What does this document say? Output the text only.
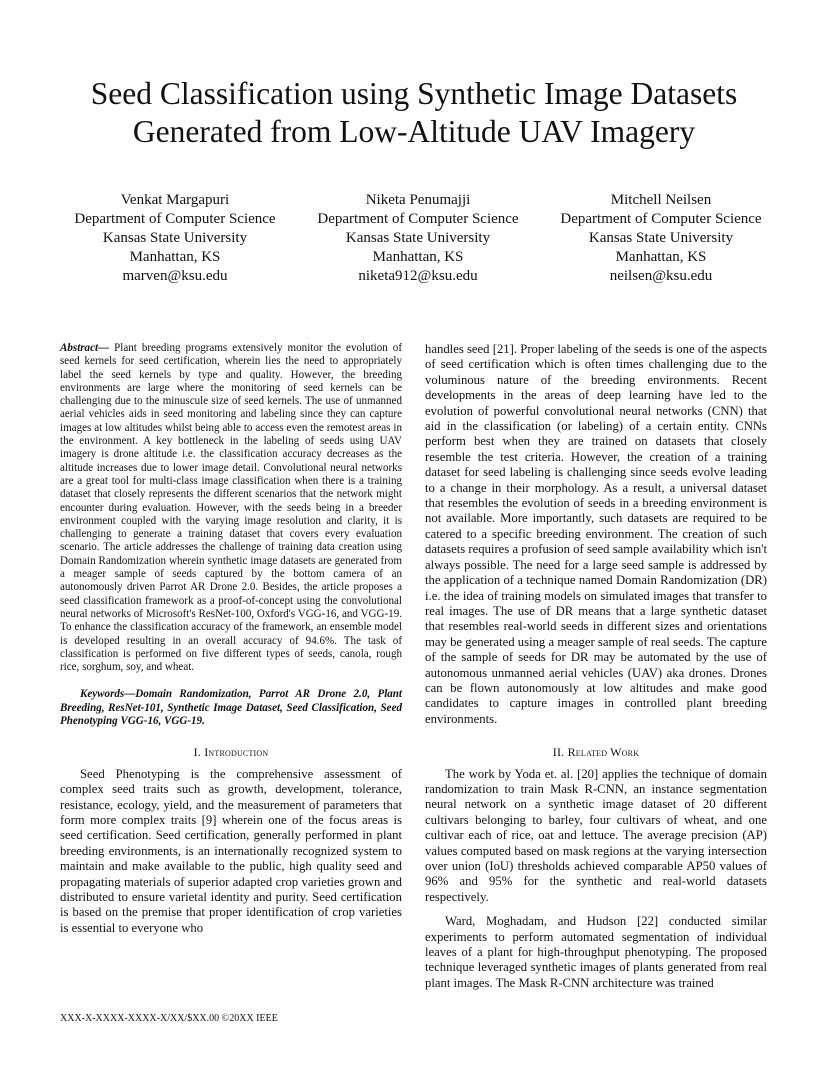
Seed Classification using Synthetic Image Datasets
Generated from Low-Altitude UAV Imagery
Venkat Margapuri
Department of Computer Science
Kansas State University
Manhattan, KS
marven@ksu.edu
Niketa Penumajji
Department of Computer Science
Kansas State University
Manhattan, KS
niketa912@ksu.edu
Mitchell Neilsen
Department of Computer Science
Kansas State University
Manhattan, KS
neilsen@ksu.edu

Abstract— Plant breeding programs extensively monitor the evolution of seed kernels for seed certification, wherein lies the need to appropriately label the seed kernels by type and quality. However, the breeding environments are large where the monitoring of seed kernels can be challenging due to the minuscule size of seed kernels. The use of unmanned aerial vehicles aids in seed monitoring and labeling since they can capture images at low altitudes whilst being able to access even the remotest areas in the environment. A key bottleneck in the labeling of seeds using UAV imagery is drone altitude i.e. the classification accuracy decreases as the altitude increases due to lower image detail. Convolutional neural networks are a great tool for multi-class image classification when there is a training dataset that closely represents the different scenarios that the network might encounter during evaluation. However, with the seeds being in a breeder environment coupled with the varying image resolution and clarity, it is challenging to generate a training dataset that covers every evaluation scenario. The article addresses the challenge of training data creation using Domain Randomization wherein synthetic image datasets are generated from a meager sample of seeds captured by the bottom camera of an autonomously driven Parrot AR Drone 2.0. Besides, the article proposes a seed classification framework as a proof-of-concept using the convolutional neural networks of Microsoft's ResNet-100, Oxford's VGG-16, and VGG-19. To enhance the classification accuracy of the framework, an ensemble model is developed resulting in an overall accuracy of 94.6%. The task of classification is performed on five different types of seeds, canola, rough rice, sorghum, soy, and wheat.

Keywords—Domain Randomization, Parrot AR Drone 2.0, Plant Breeding, ResNet-101, Synthetic Image Dataset, Seed Classification, Seed Phenotyping VGG-16, VGG-19.

I. Introduction

Seed Phenotyping is the comprehensive assessment of complex seed traits such as growth, development, tolerance, resistance, ecology, yield, and the measurement of parameters that form more complex traits [9] wherein one of the focus areas is seed certification. Seed certification, generally performed in plant breeding environments, is an internationally recognized system to maintain and make available to the public, high quality seed and propagating materials of superior adapted crop varieties grown and distributed to ensure varietal identity and purity. Seed certification is based on the premise that proper identification of crop varieties is essential to everyone who

handles seed [21]. Proper labeling of the seeds is one of the aspects of seed certification which is often times challenging due to the voluminous nature of the breeding environments. Recent developments in the areas of deep learning have led to the evolution of powerful convolutional neural networks (CNN) that aid in the classification (or labeling) of a certain entity. CNNs perform best when they are trained on datasets that closely resemble the test criteria. However, the creation of a training dataset for seed labeling is challenging since seeds evolve leading to a change in their morphology. As a result, a universal dataset that resembles the evolution of seeds in a breeding environment is not available. More importantly, such datasets are required to be catered to a specific breeding environment. The creation of such datasets requires a profusion of seed sample availability which isn't always possible. The need for a large seed sample is addressed by the application of a technique named Domain Randomization (DR) i.e. the idea of training models on simulated images that transfer to real images. The use of DR means that a large synthetic dataset that resembles real-world seeds in different sizes and orientations may be generated using a meager sample of real seeds. The capture of the sample of seeds for DR may be automated by the use of autonomous unmanned aerial vehicles (UAV) aka drones. Drones can be flown autonomously at low altitudes and make good candidates to capture images in controlled plant breeding environments.

II. Related Work

The work by Yoda et. al. [20] applies the technique of domain randomization to train Mask R-CNN, an instance segmentation neural network on a synthetic image dataset of 20 different cultivars belonging to barley, four cultivars of wheat, and one cultivar each of rice, oat and lettuce. The average precision (AP) values computed based on mask regions at the varying intersection over union (IoU) thresholds achieved comparable AP50 values of 96% and 95% for the synthetic and real-world datasets respectively.

Ward, Moghadam, and Hudson [22] conducted similar experiments to perform automated segmentation of individual leaves of a plant for high-throughput phenotyping. The proposed technique leveraged synthetic images of plants generated from real plant images. The Mask R-CNN architecture was trained

XXX-X-XXXX-XXXX-X/XX/$XX.00 ©20XX IEEE
